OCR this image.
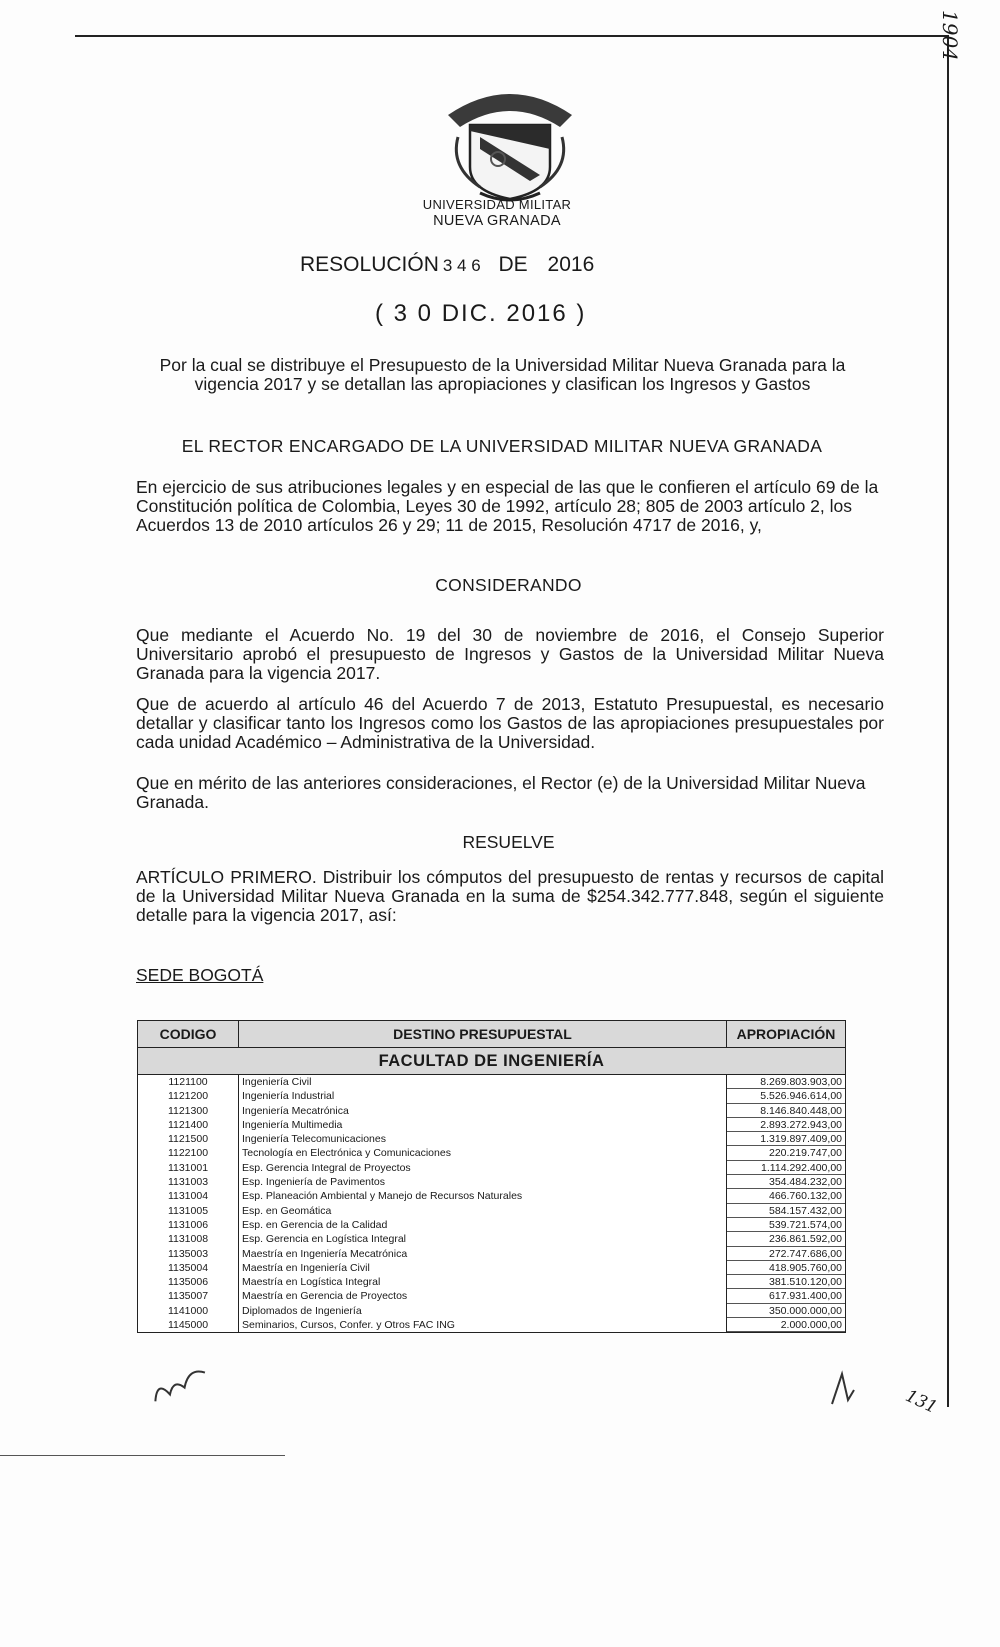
1904
UNIVERSIDAD MILITAR
NUEVA GRANADA
RESOLUCIÓN 3 4 6 DE 2016
( 3 0 DIC. 2016 )
Por la cual se distribuye el Presupuesto de la Universidad Militar Nueva Granada para la vigencia 2017 y se detallan las apropiaciones y clasifican los Ingresos y Gastos
EL RECTOR ENCARGADO DE LA UNIVERSIDAD MILITAR NUEVA GRANADA
En ejercicio de sus atribuciones legales y en especial de las que le confieren el artículo 69 de la Constitución política de Colombia, Leyes 30 de 1992, artículo 28; 805 de 2003 artículo 2, los Acuerdos 13 de 2010 artículos 26 y 29; 11 de 2015, Resolución 4717 de 2016, y,
CONSIDERANDO
Que mediante el Acuerdo No. 19 del 30 de noviembre de 2016, el Consejo Superior Universitario aprobó el presupuesto de Ingresos y Gastos de la Universidad Militar Nueva Granada para la vigencia 2017.
Que de acuerdo al artículo 46 del Acuerdo 7 de 2013, Estatuto Presupuestal, es necesario detallar y clasificar tanto los Ingresos como los Gastos de las apropiaciones presupuestales por cada unidad Académico – Administrativa de la Universidad.
Que en mérito de las anteriores consideraciones, el Rector (e) de la Universidad Militar Nueva Granada.
RESUELVE
ARTÍCULO PRIMERO. Distribuir los cómputos del presupuesto de rentas y recursos de capital de la Universidad Militar Nueva Granada en la suma de $254.342.777.848, según el siguiente detalle para la vigencia 2017, así:
SEDE BOGOTÁ
CODIGO	DESTINO PRESUPUESTAL	APROPIACIÓN
FACULTAD DE INGENIERÍA
1121100	Ingeniería Civil	8.269.803.903,00
1121200	Ingeniería Industrial	5.526.946.614,00
1121300	Ingeniería Mecatrónica	8.146.840.448,00
1121400	Ingeniería Multimedia	2.893.272.943,00
1121500	Ingeniería Telecomunicaciones	1.319.897.409,00
1122100	Tecnología en Electrónica y Comunicaciones	220.219.747,00
1131001	Esp. Gerencia Integral de Proyectos	1.114.292.400,00
1131003	Esp. Ingeniería de Pavimentos	354.484.232,00
1131004	Esp. Planeación Ambiental y Manejo de Recursos Naturales	466.760.132,00
1131005	Esp. en Geomática	584.157.432,00
1131006	Esp. en Gerencia de la Calidad	539.721.574,00
1131008	Esp. Gerencia en Logística Integral	236.861.592,00
1135003	Maestría en Ingeniería Mecatrónica	272.747.686,00
1135004	Maestría en Ingeniería Civil	418.905.760,00
1135006	Maestría en Logística Integral	381.510.120,00
1135007	Maestría en Gerencia de Proyectos	617.931.400,00
1141000	Diplomados de Ingeniería	350.000.000,00
1145000	Seminarios, Cursos, Confer. y Otros FAC ING	2.000.000,00
131
